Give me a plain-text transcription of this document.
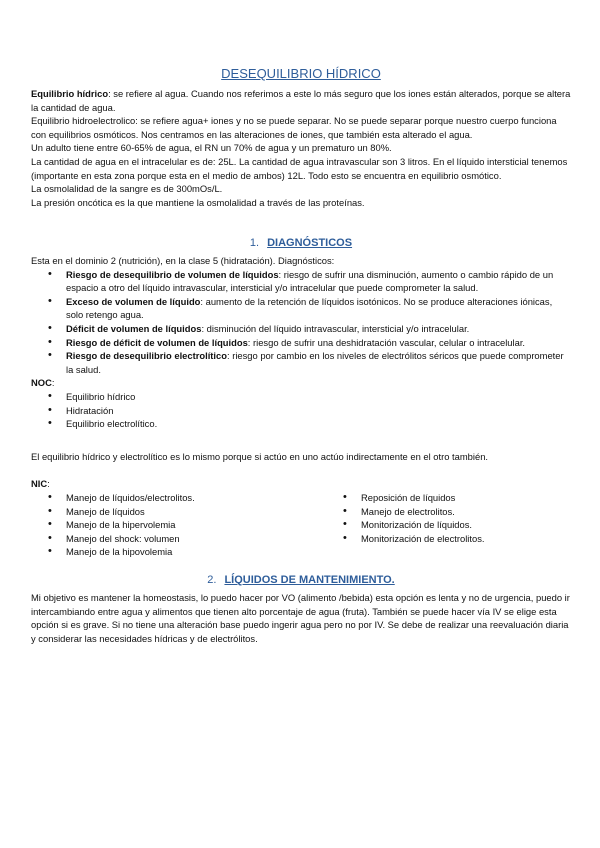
DESEQUILIBRIO HÍDRICO

Equilibrio hídrico: se refiere al agua. Cuando nos referimos a este lo más seguro que los iones están alterados, porque se altera la cantidad de agua.

Equilibrio hidroelectrolico: se refiere agua+ iones y no se puede separar. No se puede separar porque nuestro cuerpo funciona con equilibrios osmóticos. Nos centramos en las alteraciones de iones, que también esta alterado el agua.

Un adulto tiene entre 60-65% de agua, el RN un 70% de agua y un prematuro un 80%.

La cantidad de agua en el intracelular es de: 25L. La cantidad de agua intravascular son 3 litros. En el líquido intersticial tenemos (importante en esta zona porque esta en el medio de ambos) 12L. Todo esto se encuentra en equilibrio osmótico.

La osmolalidad de la sangre es de 300mOs/L.

La presión oncótica es la que mantiene la osmolalidad a través de las proteínas.

1. DIAGNÓSTICOS

Esta en el dominio 2 (nutrición), en la clase 5 (hidratación). Diagnósticos:

• Riesgo de desequilibrio de volumen de líquidos: riesgo de sufrir una disminución, aumento o cambio rápido de un espacio a otro del líquido intravascular, intersticial y/o intracelular que puede comprometer la salud.
• Exceso de volumen de líquido: aumento de la retención de líquidos isotónicos. No se produce alteraciones iónicas, solo retengo agua.
• Déficit de volumen de líquidos: disminución del líquido intravascular, intersticial y/o intracelular.
• Riesgo de déficit de volumen de líquidos: riesgo de sufrir una deshidratación vascular, celular o intracelular.
• Riesgo de desequilibrio electrolítico: riesgo por cambio en los niveles de electrólitos séricos que puede comprometer la salud.

NOC:

• Equilibrio hídrico
• Hidratación
• Equilibrio electrolítico.

El equilibrio hídrico y electrolítico es lo mismo porque si actúo en uno actúo indirectamente en el otro también.

NIC:

• Manejo de líquidos/electrolitos.
• Manejo de líquidos
• Manejo de la hipervolemia
• Manejo del shock: volumen
• Manejo de la hipovolemia
• Reposición de líquidos
• Manejo de electrolitos.
• Monitorización de líquidos.
• Monitorización de electrolitos.
2. LÍQUIDOS DE MANTENIMIENTO.

Mi objetivo es mantener la homeostasis, lo puedo hacer por VO (alimento /bebida) esta opción es lenta y no de urgencia, puedo ir intercambiando entre agua y alimentos que tienen alto porcentaje de agua (fruta). También se puede hacer vía IV se elige esta opción si es grave. Si no tiene una alteración base puedo ingerir agua pero no por IV. Se debe de realizar una reevaluación diaria y considerar las necesidades hídricas y de electrólitos.
